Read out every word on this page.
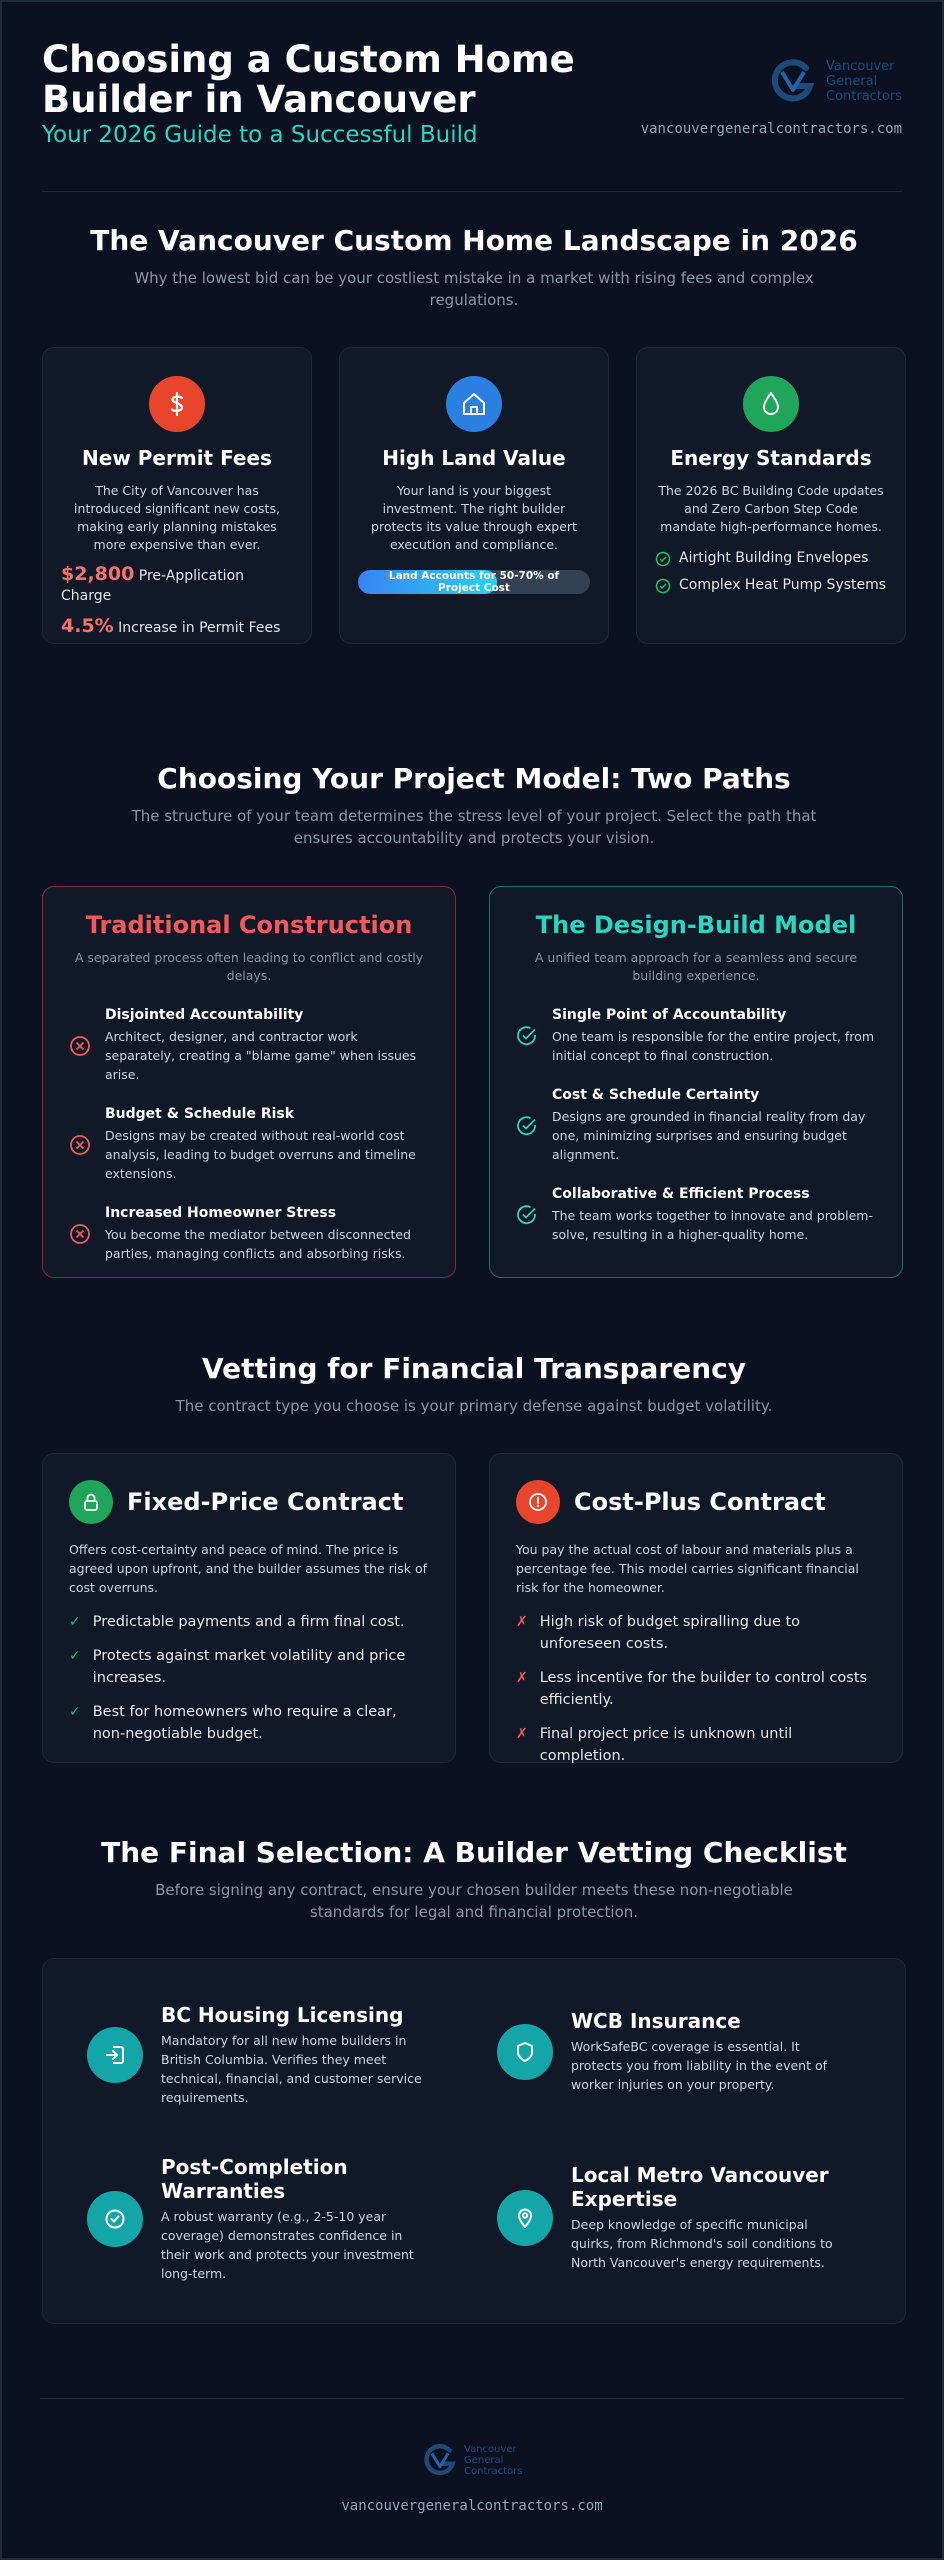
Choosing a Custom Home Builder in Vancouver
Your 2026 Guide to a Successful Build
Vancouver
General
Contractors
vancouvergeneralcontractors.com
The Vancouver Custom Home Landscape in 2026

Why the lowest bid can be your costliest mistake in a market with rising fees and complex regulations.

New Permit Fees

The City of Vancouver has introduced significant new costs, making early planning mistakes more expensive than ever.

$2,800 Pre-Application Charge
4.5% Increase in Permit Fees
High Land Value

Your land is your biggest investment. The right builder protects its value through expert execution and compliance.

Land Accounts for 50-70% of Project Cost
Energy Standards

The 2026 BC Building Code updates and Zero Carbon Step Code mandate high-performance homes.

Airtight Building Envelopes
Complex Heat Pump Systems
Choosing Your Project Model: Two Paths

The structure of your team determines the stress level of your project. Select the path that ensures accountability and protects your vision.

Traditional Construction

A separated process often leading to conflict and costly delays.

Disjointed Accountability

Architect, designer, and contractor work separately, creating a "blame game" when issues arise.

Budget & Schedule Risk

Designs may be created without real-world cost analysis, leading to budget overruns and timeline extensions.

Increased Homeowner Stress

You become the mediator between disconnected parties, managing conflicts and absorbing risks.

The Design-Build Model

A unified team approach for a seamless and secure building experience.

Single Point of Accountability

One team is responsible for the entire project, from initial concept to final construction.

Cost & Schedule Certainty

Designs are grounded in financial reality from day one, minimizing surprises and ensuring budget alignment.

Collaborative & Efficient Process

The team works together to innovate and problem-solve, resulting in a higher-quality home.

Vetting for Financial Transparency

The contract type you choose is your primary defense against budget volatility.

Fixed-Price Contract

Offers cost-certainty and peace of mind. The price is agreed upon upfront, and the builder assumes the risk of cost overruns.

✓ Predictable payments and a firm final cost.
✓ Protects against market volatility and price increases.
✓ Best for homeowners who require a clear, non-negotiable budget.
Cost-Plus Contract

You pay the actual cost of labour and materials plus a percentage fee. This model carries significant financial risk for the homeowner.

✗ High risk of budget spiralling due to unforeseen costs.
✗ Less incentive for the builder to control costs efficiently.
✗ Final project price is unknown until completion.
The Final Selection: A Builder Vetting Checklist

Before signing any contract, ensure your chosen builder meets these non-negotiable standards for legal and financial protection.

BC Housing Licensing

Mandatory for all new home builders in British Columbia. Verifies they meet technical, financial, and customer service requirements.

WCB Insurance

WorkSafeBC coverage is essential. It protects you from liability in the event of worker injuries on your property.

Post-Completion Warranties

A robust warranty (e.g., 2-5-10 year coverage) demonstrates confidence in their work and protects your investment long-term.

Local Metro Vancouver Expertise

Deep knowledge of specific municipal quirks, from Richmond's soil conditions to North Vancouver's energy requirements.

Vancouver
General
Contractors
vancouvergeneralcontractors.com
